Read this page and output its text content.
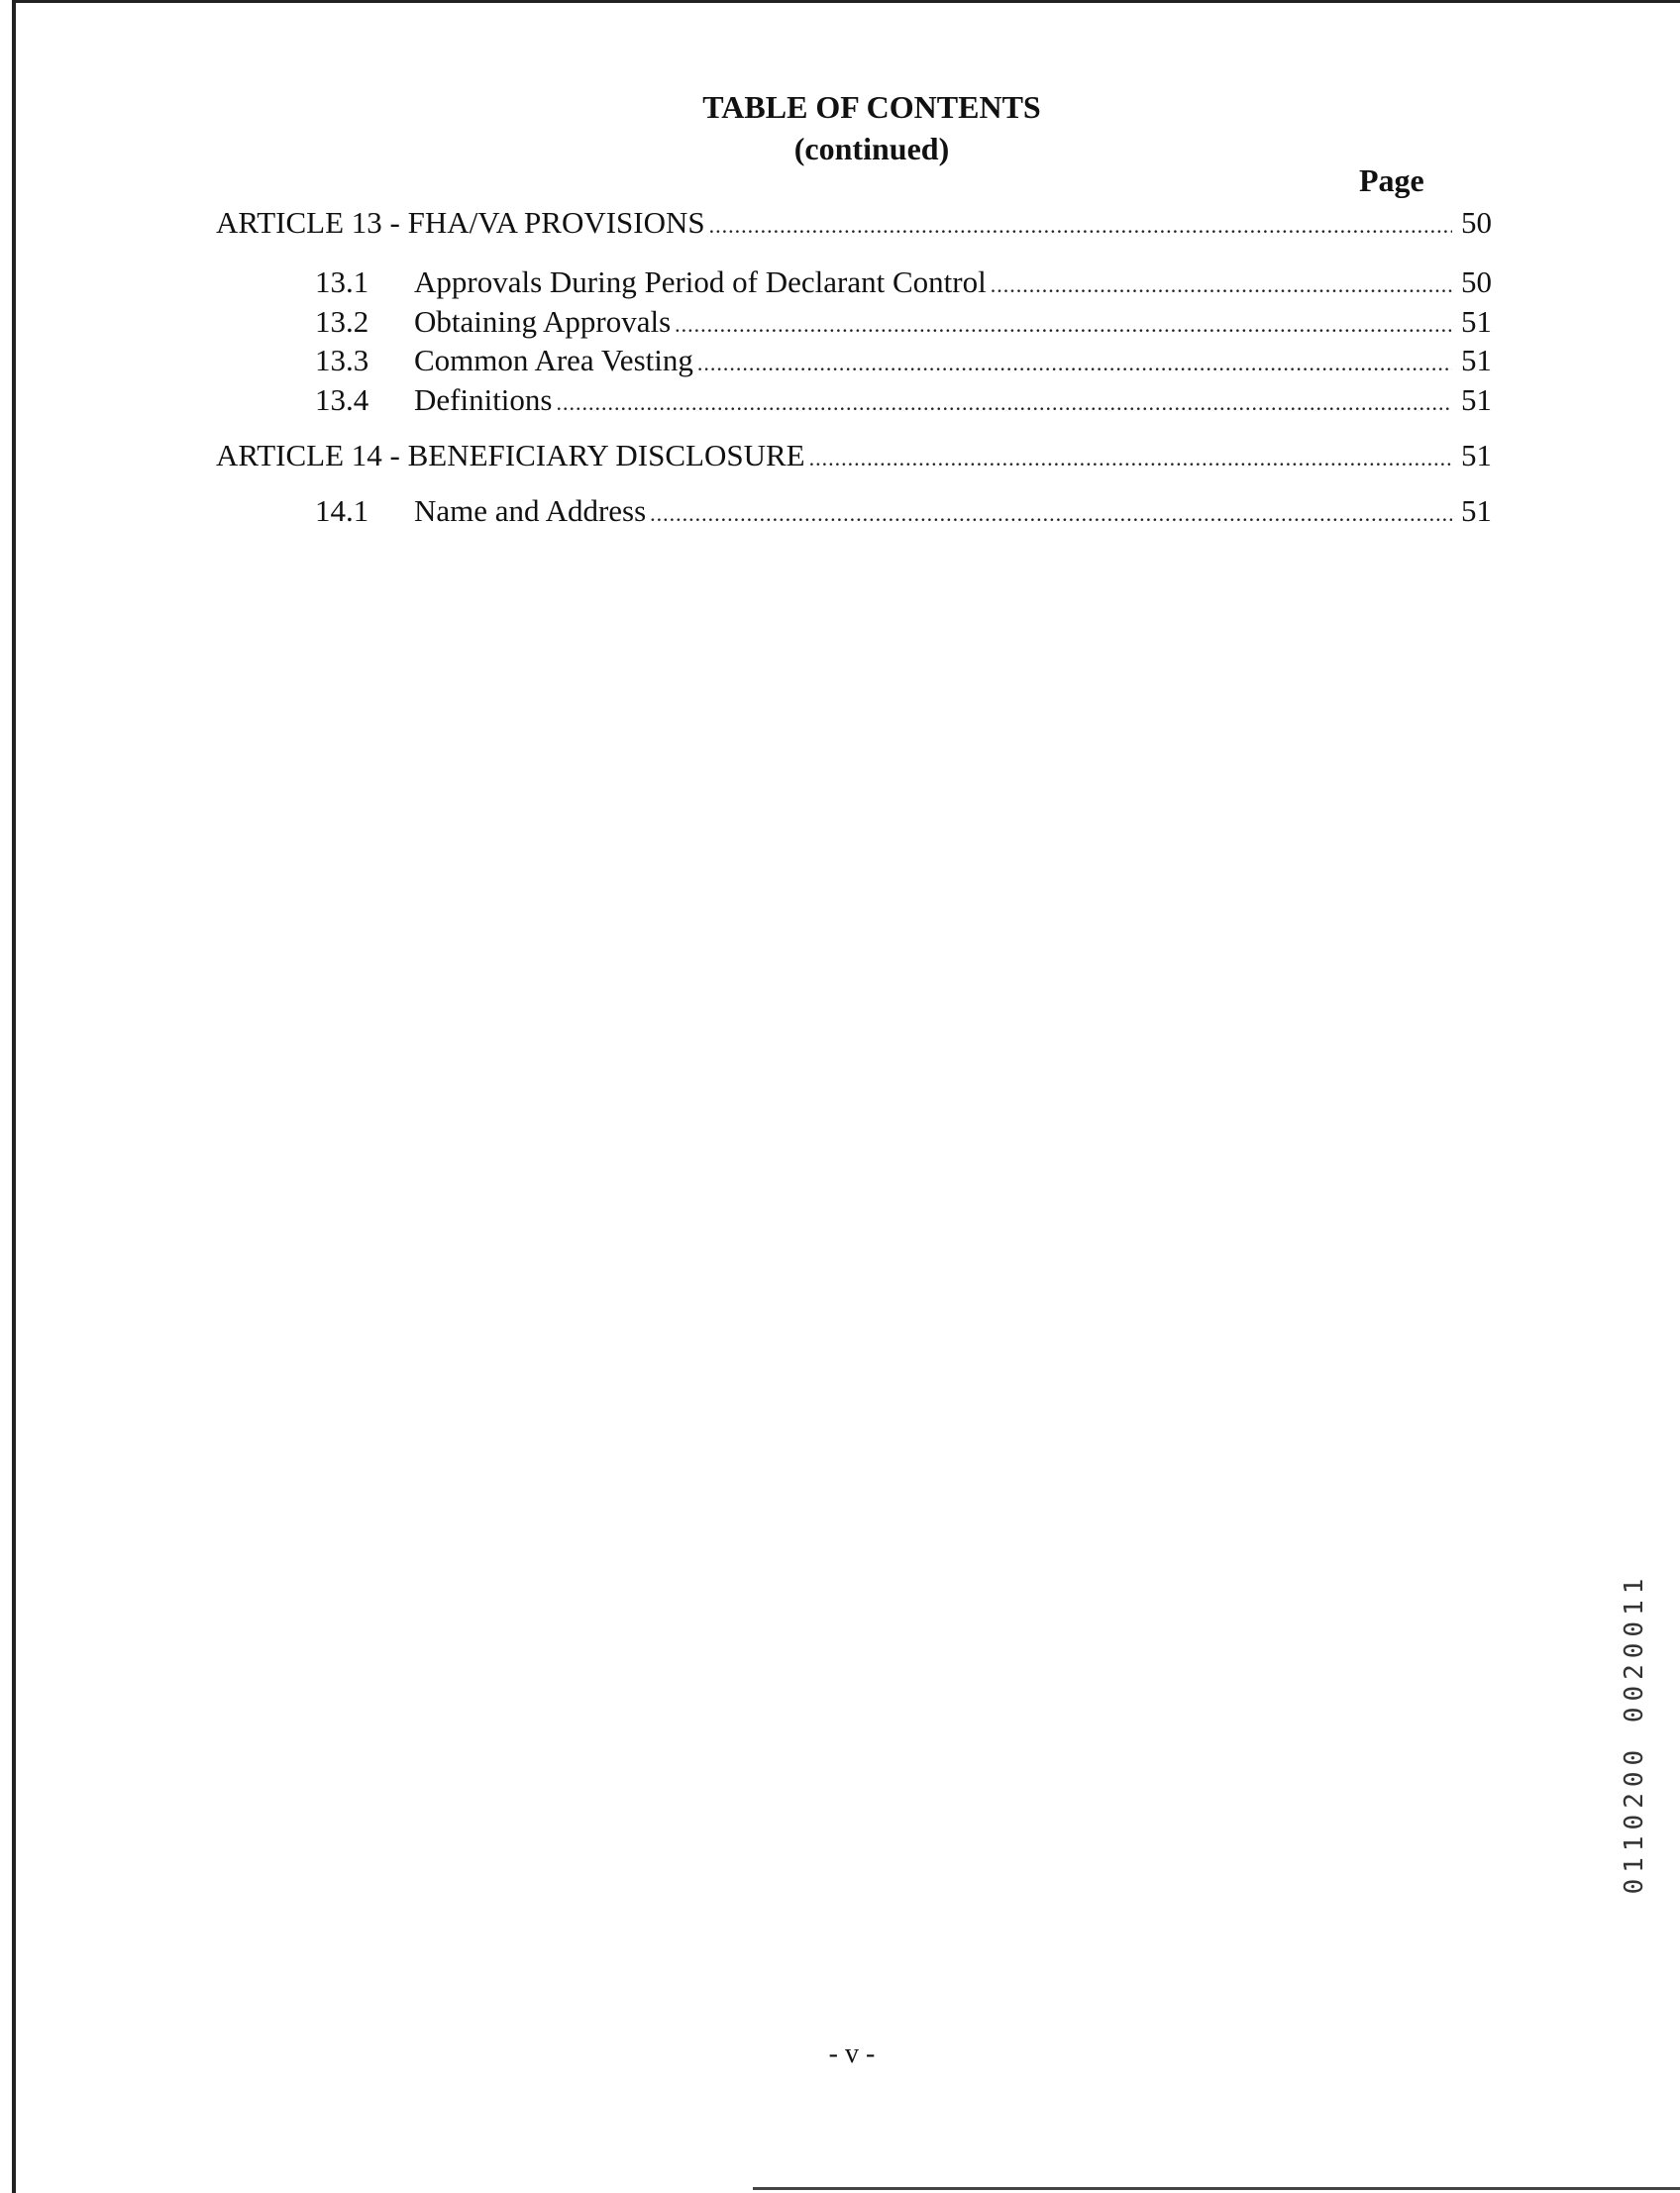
TABLE OF CONTENTS
(continued)
Page
ARTICLE 13 - FHA/VA PROVISIONS .....	50
13.1	Approvals During Period of Declarant Control .....	50
13.2	Obtaining Approvals .....	51
13.3	Common Area Vesting .....	51
13.4	Definitions .....	51
ARTICLE 14 - BENEFICIARY DISCLOSURE .....	51
14.1	Name and Address .....	51
0110200 0020011
- v -
